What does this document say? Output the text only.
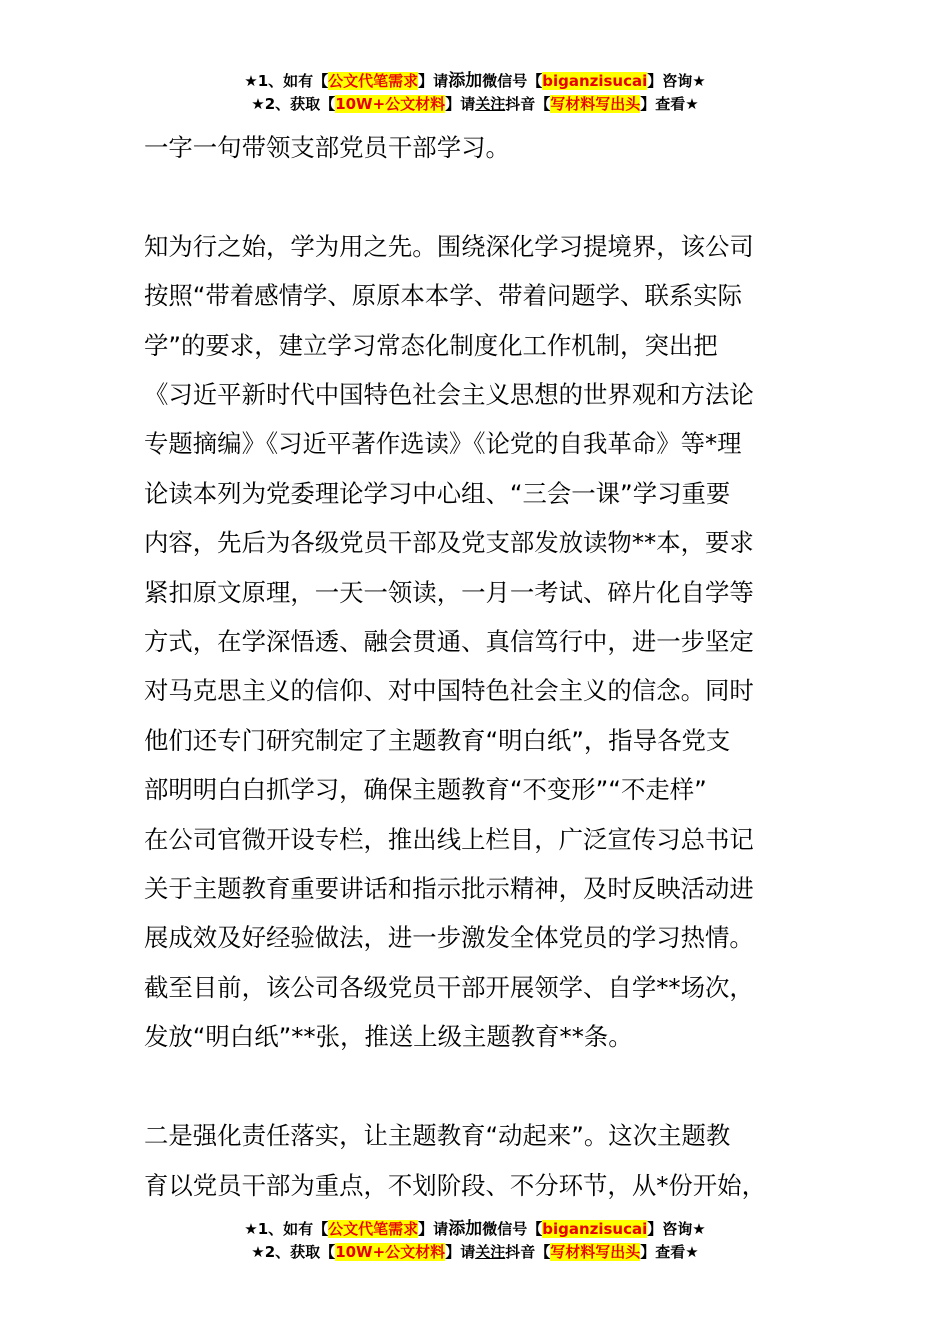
★1、如有【公文代笔需求】请添加微信号【biganzisucai】咨询★
★2、获取【10W+公文材料】请关注抖音【写材料写出头】查看★

一字一句带领支部党员干部学习。

知为行之始，学为用之先。围绕深化学习提境界，该公司
按照“带着感情学、原原本本学、带着问题学、联系实际
学”的要求，建立学习常态化制度化工作机制，突出把
《习近平新时代中国特色社会主义思想的世界观和方法论
专题摘编》《习近平著作选读》《论党的自我革命》等*理
论读本列为党委理论学习中心组、“三会一课”学习重要
内容，先后为各级党员干部及党支部发放读物**本，要求
紧扣原文原理，一天一领读，一月一考试、碎片化自学等
方式，在学深悟透、融会贯通、真信笃行中，进一步坚定
对马克思主义的信仰、对中国特色社会主义的信念。同时
他们还专门研究制定了主题教育“明白纸”，指导各党支
部明明白白抓学习，确保主题教育“不变形”“不走样”
在公司官微开设专栏，推出线上栏目，广泛宣传习总书记
关于主题教育重要讲话和指示批示精神，及时反映活动进
展成效及好经验做法，进一步激发全体党员的学习热情。
截至目前，该公司各级党员干部开展领学、自学**场次，
发放“明白纸”**张，推送上级主题教育**条。

二是强化责任落实，让主题教育“动起来”。这次主题教
育以党员干部为重点，不划阶段、不分环节，从*份开始，

★1、如有【公文代笔需求】请添加微信号【biganzisucai】咨询★
★2、获取【10W+公文材料】请关注抖音【写材料写出头】查看★
